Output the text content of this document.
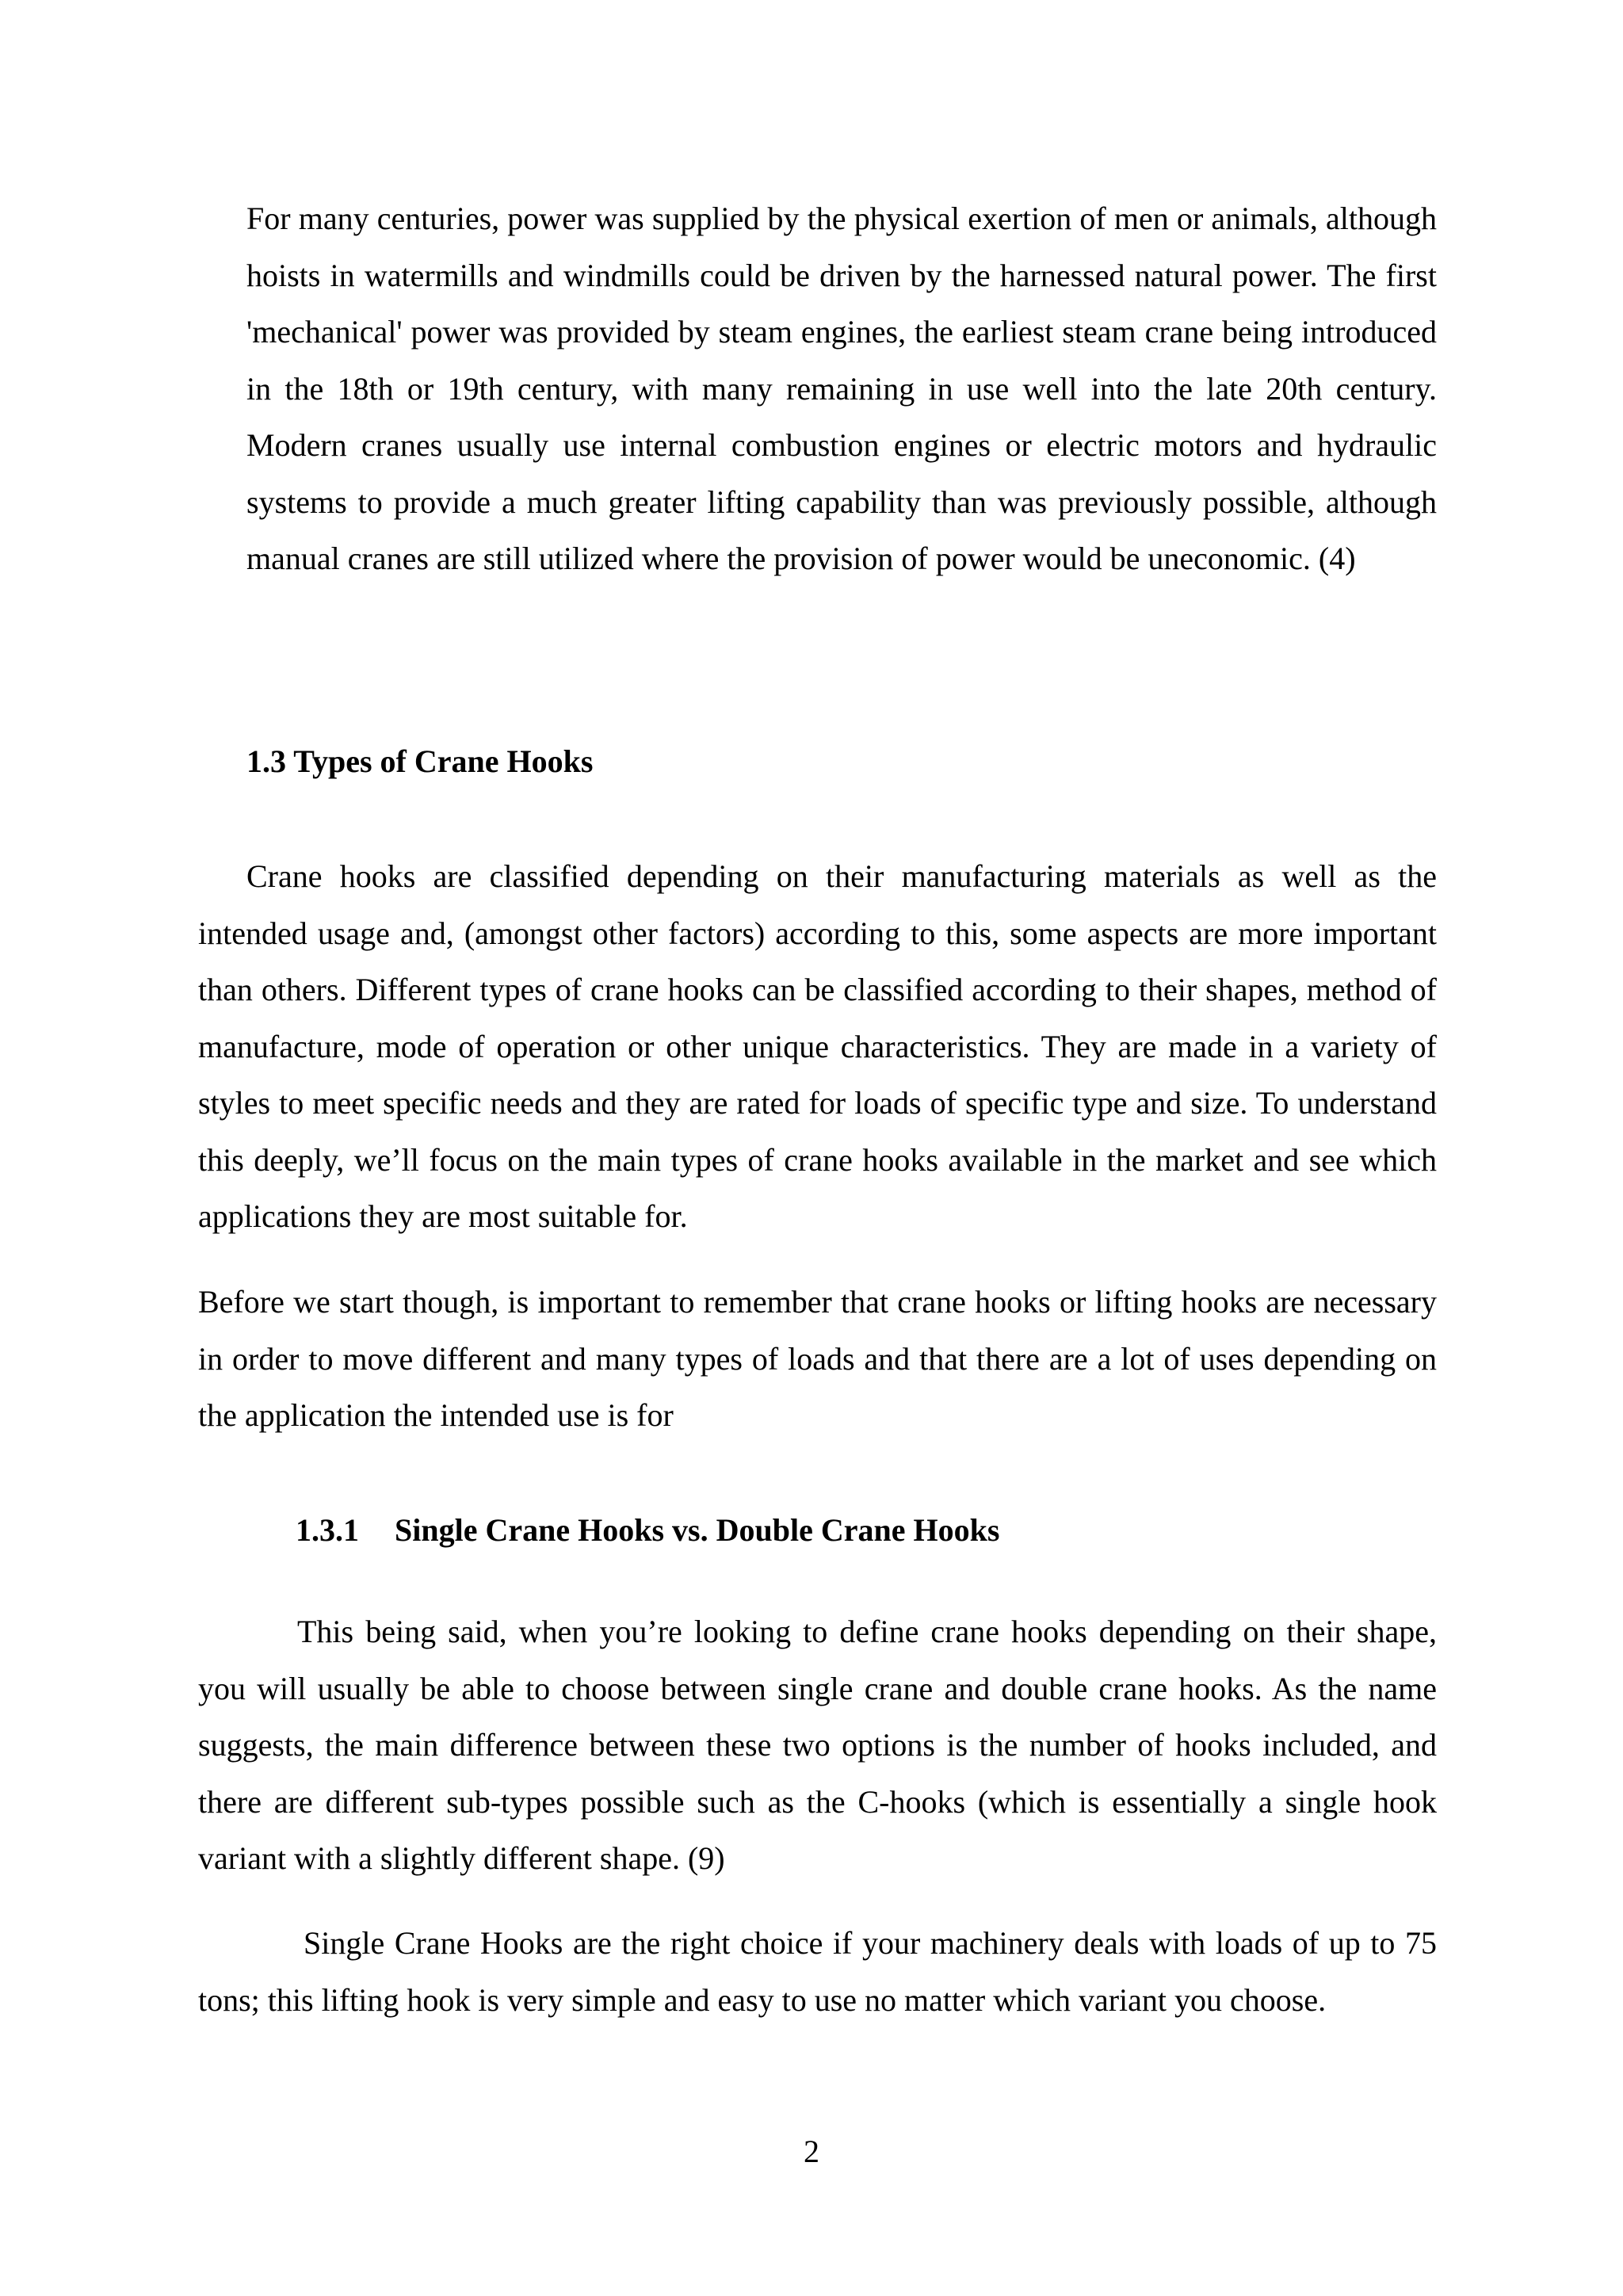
For many centuries, power was supplied by the physical exertion of men or animals, although hoists in watermills and windmills could be driven by the harnessed natural power. The first 'mechanical' power was provided by steam engines, the earliest steam crane being introduced in the 18th or 19th century, with many remaining in use well into the late 20th century. Modern cranes usually use internal combustion engines or electric motors and hydraulic systems to provide a much greater lifting capability than was previously possible, although manual cranes are still utilized where the provision of power would be uneconomic. (4)

1.3 Types of Crane Hooks

Crane hooks are classified depending on their manufacturing materials as well as the intended usage and, (amongst other factors) according to this, some aspects are more important than others. Different types of crane hooks can be classified according to their shapes, method of manufacture, mode of operation or other unique characteristics. They are made in a variety of styles to meet specific needs and they are rated for loads of specific type and size. To understand this deeply, we’ll focus on the main types of crane hooks available in the market and see which applications they are most suitable for.

Before we start though, is important to remember that crane hooks or lifting hooks are necessary in order to move different and many types of loads and that there are a lot of uses depending on the application the intended use is for

1.3.1 Single Crane Hooks vs. Double Crane Hooks

This being said, when you’re looking to define crane hooks depending on their shape, you will usually be able to choose between single crane and double crane hooks. As the name suggests, the main difference between these two options is the number of hooks included, and there are different sub-types possible such as the C-hooks (which is essentially a single hook variant with a slightly different shape. (9)

Single Crane Hooks are the right choice if your machinery deals with loads of up to 75 tons; this lifting hook is very simple and easy to use no matter which variant you choose.

2
